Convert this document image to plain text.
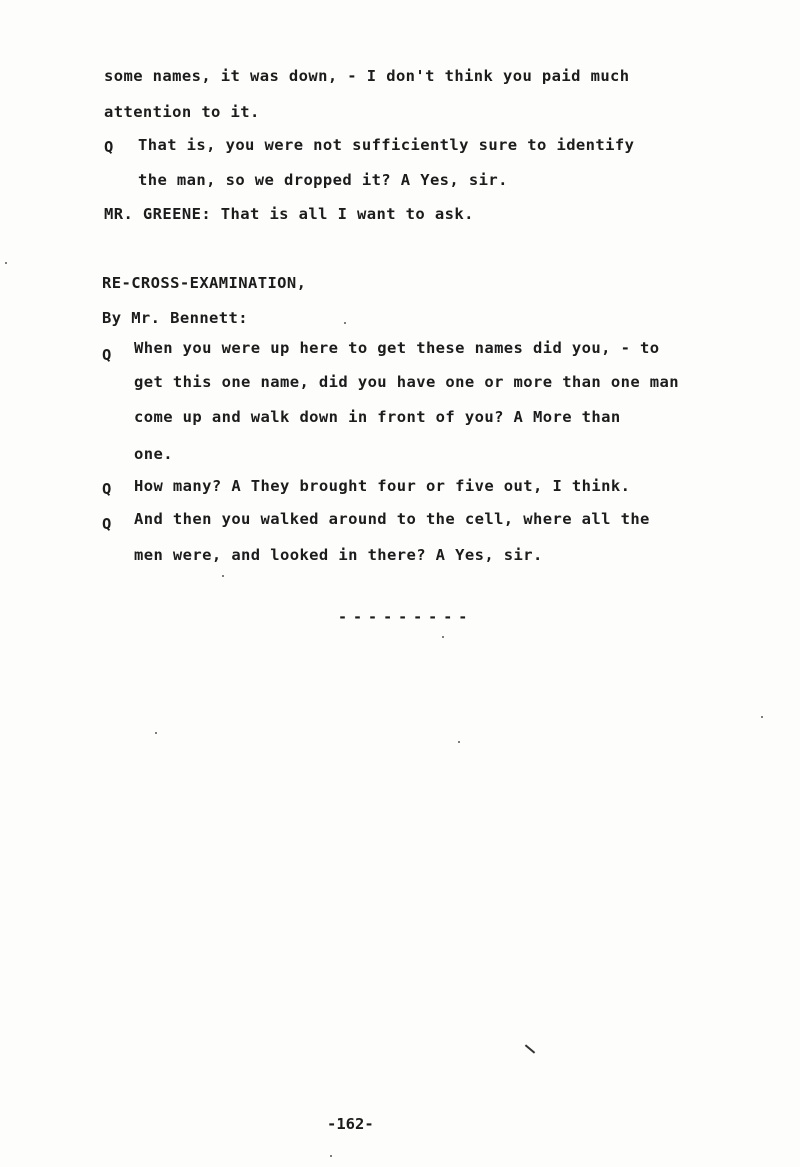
some names, it was down, - I don't think you paid much
attention to it.
Q That is, you were not sufficiently sure to identify
the man, so we dropped it? A Yes, sir.
MR. GREENE: That is all I want to ask.
RE-CROSS-EXAMINATION,
By Mr. Bennett:
Q When you were up here to get these names did you, - to
get this one name, did you have one or more than one man
come up and walk down in front of you? A More than
one.
Q How many? A They brought four or five out, I think.
Q And then you walked around to the cell, where all the
men were, and looked in there? A Yes, sir.
---------
-162-
